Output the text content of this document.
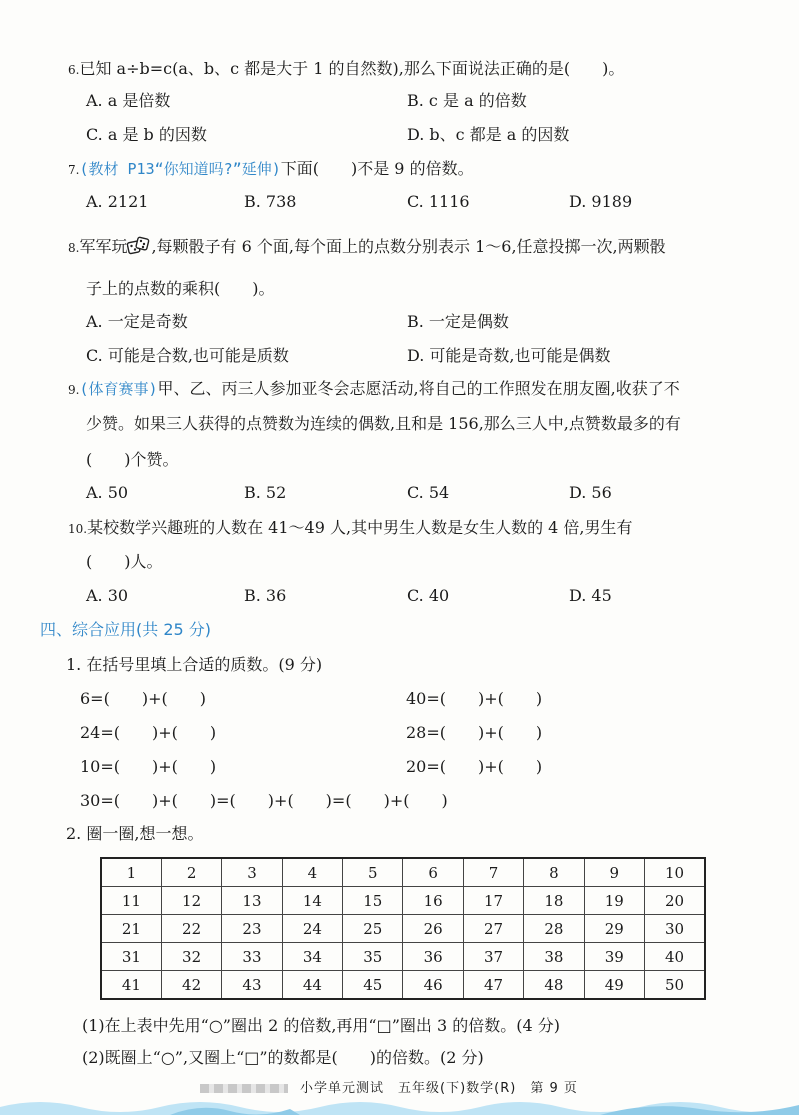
6.已知 a÷b=c(a、b、c 都是大于 1 的自然数),那么下面说法正确的是(　　)。
A. a 是倍数	B. c 是 a 的倍数
C. a 是 b 的因数	D. b、c 都是 a 的因数
7.(教材 P13“你知道吗?”延伸)下面(　　)不是 9 的倍数。
A. 2121	B. 738	C. 1116	D. 9189
8.军军玩 ,每颗骰子有 6 个面,每个面上的点数分别表示 1～6,任意投掷一次,两颗骰
子上的点数的乘积(　　)。
A. 一定是奇数	B. 一定是偶数
C. 可能是合数,也可能是质数	D. 可能是奇数,也可能是偶数
9.(体育赛事)甲、乙、丙三人参加亚冬会志愿活动,将自己的工作照发在朋友圈,收获了不
少赞。如果三人获得的点赞数为连续的偶数,且和是 156,那么三人中,点赞数最多的有
(　　)个赞。
A. 50	B. 52	C. 54	D. 56
10.某校数学兴趣班的人数在 41～49 人,其中男生人数是女生人数的 4 倍,男生有
(　　)人。
A. 30	B. 36	C. 40	D. 45
四、综合应用(共 25 分)
1. 在括号里填上合适的质数。(9 分)
6=(　　)+(　　)	40=(　　)+(　　)
24=(　　)+(　　)	28=(　　)+(　　)
10=(　　)+(　　)	20=(　　)+(　　)
30=(　　)+(　　)=(　　)+(　　)=(　　)+(　　)
2. 圈一圈,想一想。
1	2	3	4	5	6	7	8	9	10
11	12	13	14	15	16	17	18	19	20
21	22	23	24	25	26	27	28	29	30
31	32	33	34	35	36	37	38	39	40
41	42	43	44	45	46	47	48	49	50
(1)在上表中先用“○”圈出 2 的倍数,再用“□”圈出 3 的倍数。(4 分)
(2)既圈上“○”,又圈上“□”的数都是(　　)的倍数。(2 分)
小学单元测试　五年级(下)数学(R)　第 9 页
